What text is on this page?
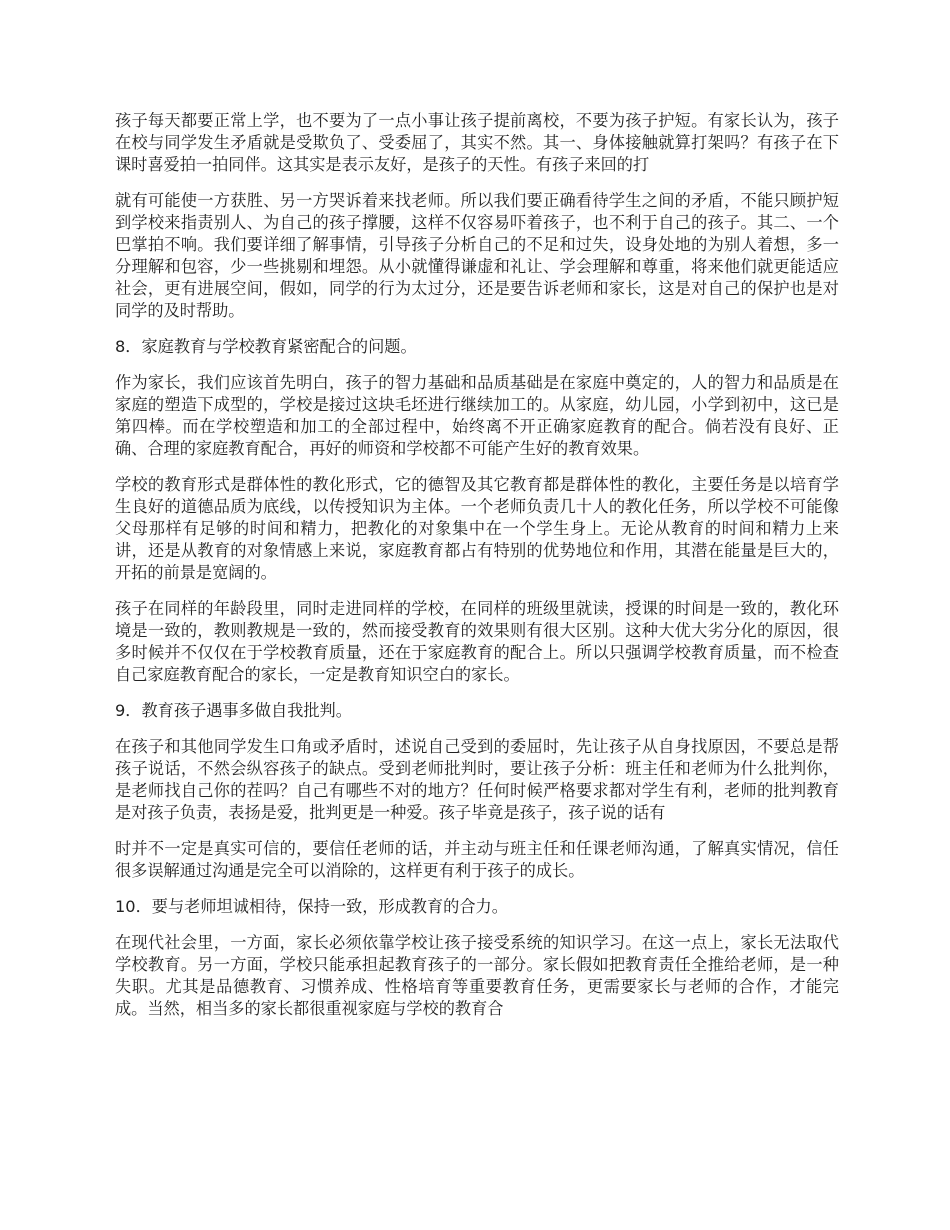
孩子每天都要正常上学，也不要为了一点小事让孩子提前离校，不要为孩子护短。有家长认为，孩子在校与同学发生矛盾就是受欺负了、受委屈了，其实不然。其一、身体接触就算打架吗？有孩子在下课时喜爱拍一拍同伴。这其实是表示友好，是孩子的天性。有孩子来回的打

就有可能使一方获胜、另一方哭诉着来找老师。所以我们要正确看待学生之间的矛盾，不能只顾护短到学校来指责别人、为自己的孩子撑腰，这样不仅容易吓着孩子，也不利于自己的孩子。其二、一个巴掌拍不响。我们要详细了解事情，引导孩子分析自己的不足和过失，设身处地的为别人着想，多一分理解和包容，少一些挑剔和埋怨。从小就懂得谦虚和礼让、学会理解和尊重，将来他们就更能适应社会，更有进展空间，假如，同学的行为太过分，还是要告诉老师和家长，这是对自己的保护也是对同学的及时帮助。

8．家庭教育与学校教育紧密配合的问题。

作为家长，我们应该首先明白，孩子的智力基础和品质基础是在家庭中奠定的，人的智力和品质是在家庭的塑造下成型的，学校是接过这块毛坯进行继续加工的。从家庭，幼儿园，小学到初中，这已是第四棒。而在学校塑造和加工的全部过程中，始终离不开正确家庭教育的配合。倘若没有良好、正确、合理的家庭教育配合，再好的师资和学校都不可能产生好的教育效果。

学校的教育形式是群体性的教化形式，它的德智及其它教育都是群体性的教化，主要任务是以培育学生良好的道德品质为底线，以传授知识为主体。一个老师负责几十人的教化任务，所以学校不可能像父母那样有足够的时间和精力，把教化的对象集中在一个学生身上。无论从教育的时间和精力上来讲，还是从教育的对象情感上来说，家庭教育都占有特别的优势地位和作用，其潜在能量是巨大的，开拓的前景是宽阔的。

孩子在同样的年龄段里，同时走进同样的学校，在同样的班级里就读，授课的时间是一致的，教化环境是一致的，教则教规是一致的，然而接受教育的效果则有很大区别。这种大优大劣分化的原因，很多时候并不仅仅在于学校教育质量，还在于家庭教育的配合上。所以只强调学校教育质量，而不检查自己家庭教育配合的家长，一定是教育知识空白的家长。

9．教育孩子遇事多做自我批判。

在孩子和其他同学发生口角或矛盾时，述说自己受到的委屈时，先让孩子从自身找原因，不要总是帮孩子说话，不然会纵容孩子的缺点。受到老师批判时，要让孩子分析：班主任和老师为什么批判你，是老师找自己你的茬吗？自己有哪些不对的地方？任何时候严格要求都对学生有利，老师的批判教育是对孩子负责，表扬是爱，批判更是一种爱。孩子毕竟是孩子，孩子说的话有

时并不一定是真实可信的，要信任老师的话，并主动与班主任和任课老师沟通，了解真实情况，信任很多误解通过沟通是完全可以消除的，这样更有利于孩子的成长。

10．要与老师坦诚相待，保持一致，形成教育的合力。

在现代社会里，一方面，家长必须依靠学校让孩子接受系统的知识学习。在这一点上，家长无法取代学校教育。另一方面，学校只能承担起教育孩子的一部分。家长假如把教育责任全推给老师，是一种失职。尤其是品德教育、习惯养成、性格培育等重要教育任务，更需要家长与老师的合作，才能完成。当然，相当多的家长都很重视家庭与学校的教育合
